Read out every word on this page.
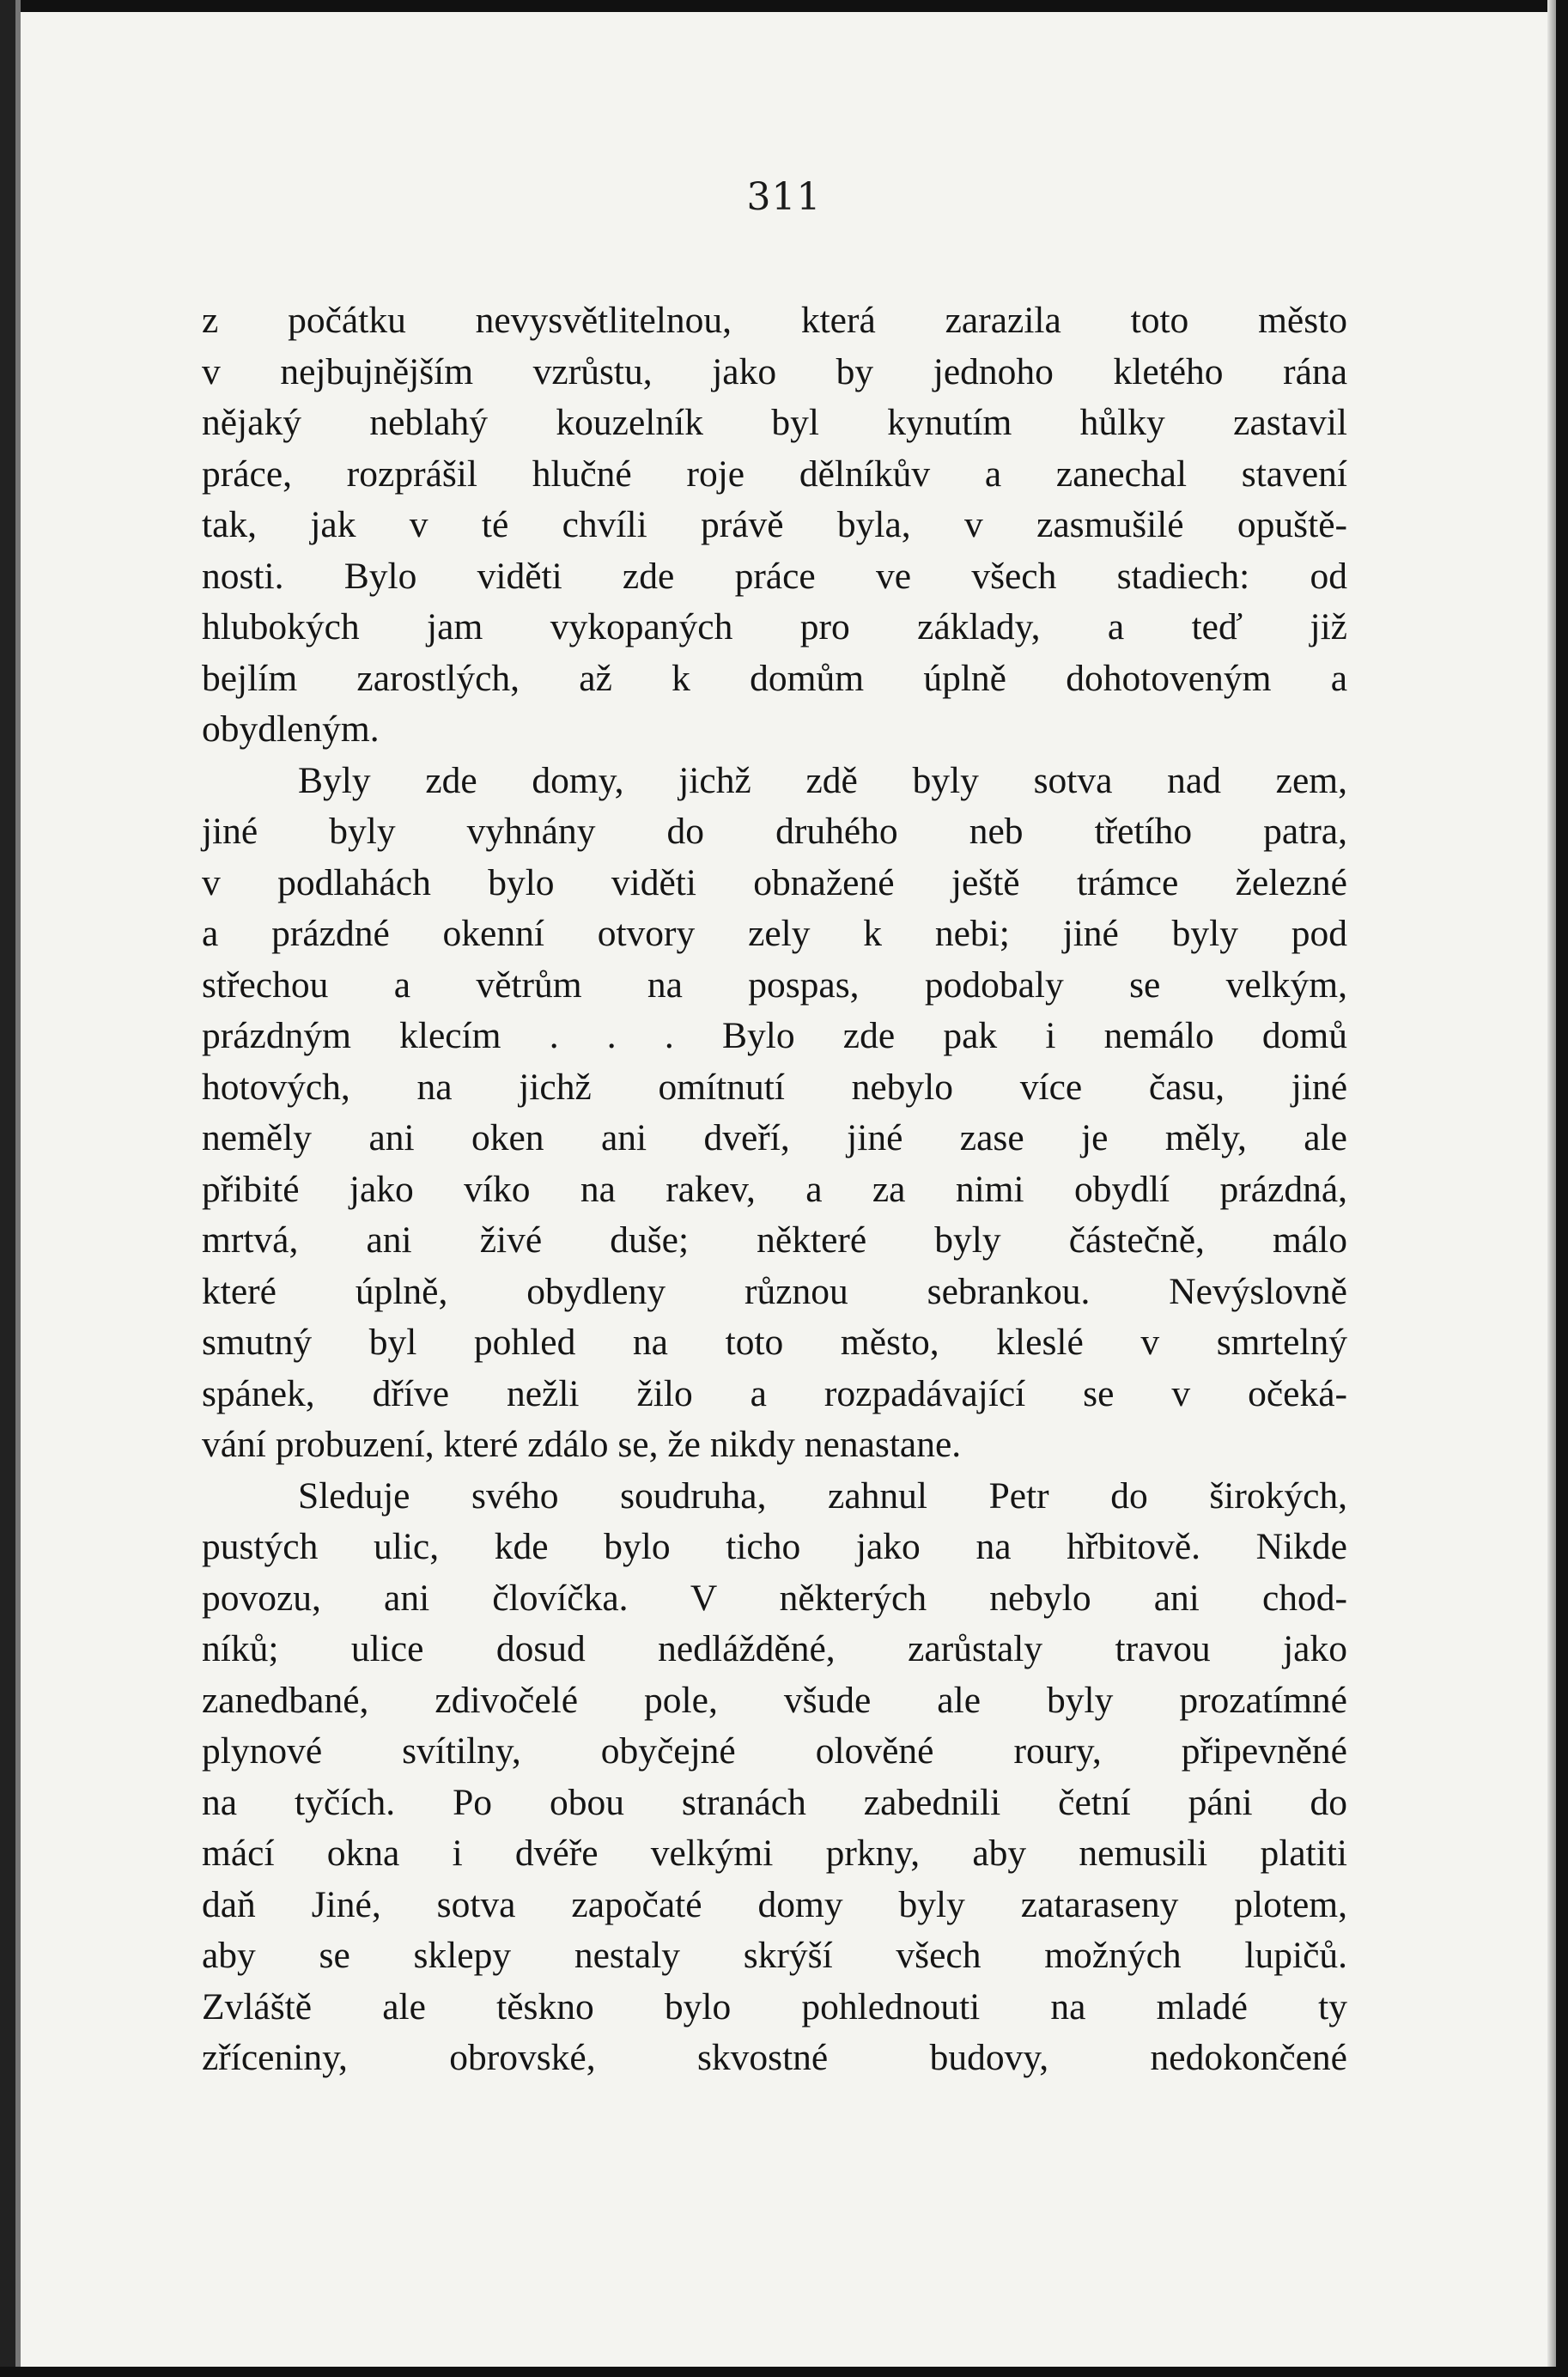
311

z počátku nevysvětlitelnou, která zarazila toto město

v nejbujnějším vzrůstu, jako by jednoho kletého rána

nějaký neblahý kouzelník byl kynutím hůlky zastavil

práce, rozprášil hlučné roje dělníkův a zanechal stavení

tak, jak v té chvíli právě byla, v zasmušilé opuště-

nosti. Bylo viděti zde práce ve všech stadiech: od

hlubokých jam vykopaných pro základy, a teď již

bejlím zarostlých, až k domům úplně dohotoveným a

obydleným.

Byly zde domy, jichž zdě byly sotva nad zem,

jiné byly vyhnány do druhého neb třetího patra,

v podlahách bylo viděti obnažené ještě trámce železné

a prázdné okenní otvory zely k nebi; jiné byly pod

střechou a větrům na pospas, podobaly se velkým,

prázdným klecím . . . Bylo zde pak i nemálo domů

hotových, na jichž omítnutí nebylo více času, jiné

neměly ani oken ani dveří, jiné zase je měly, ale

přibité jako víko na rakev, a za nimi obydlí prázdná,

mrtvá, ani živé duše; některé byly částečně, málo

které úplně, obydleny různou sebrankou. Nevýslovně

smutný byl pohled na toto město, kleslé v smrtelný

spánek, dříve nežli žilo a rozpadávající se v očeká-

vání probuzení, které zdálo se, že nikdy nenastane.

Sleduje svého soudruha, zahnul Petr do širokých,

pustých ulic, kde bylo ticho jako na hřbitově. Nikde

povozu, ani človíčka. V některých nebylo ani chod-

níků; ulice dosud nedlážděné, zarůstaly travou jako

zanedbané, zdivočelé pole, všude ale byly prozatímné

plynové svítilny, obyčejné olověné roury, připevněné

na tyčích. Po obou stranách zabednili četní páni do

mácí okna i dvéře velkými prkny, aby nemusili platiti

daň Jiné, sotva započaté domy byly zatarasenу plotem,

aby se sklepy nestaly skrýší všech možných lupičů.

Zvláště ale těskno bylo pohlednouti na mladé ty

zříceniny, obrovské, skvostné budovy, nedokončené
